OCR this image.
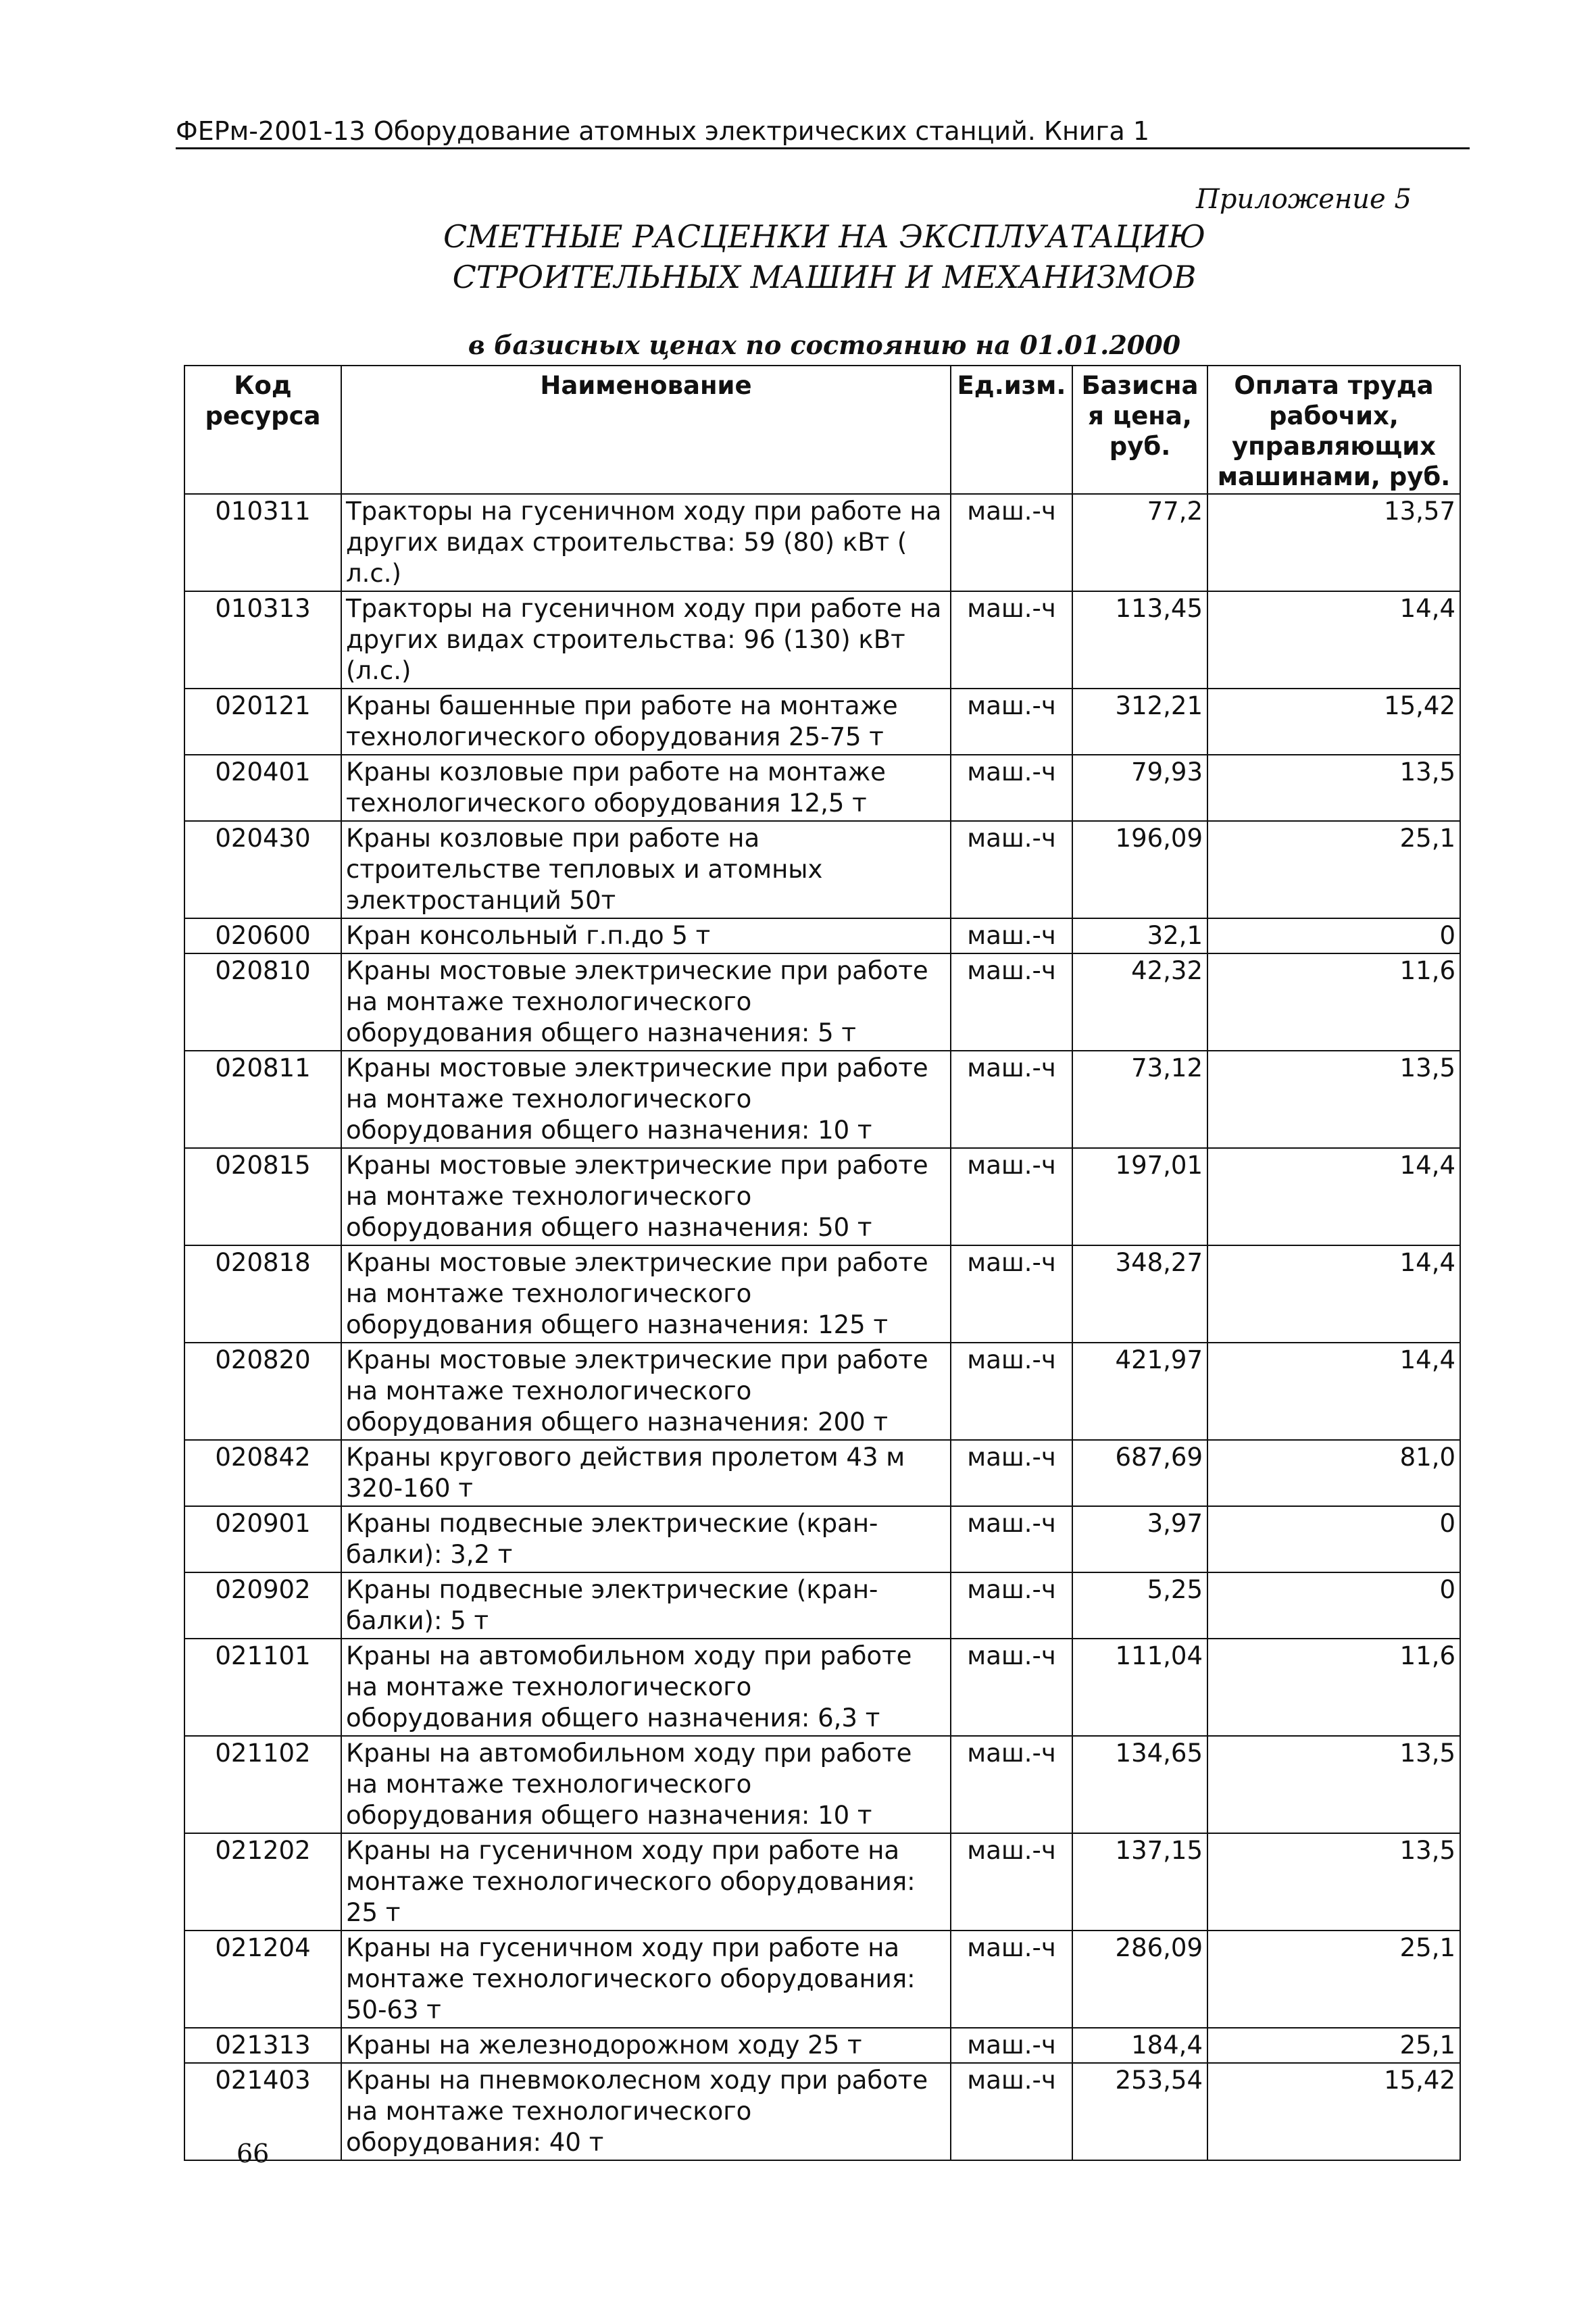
ФЕРм-2001-13 Оборудование атомных электрических станций. Книга 1
Приложение 5
СМЕТНЫЕ РАСЦЕНКИ НА ЭКСПЛУАТАЦИЮ
СТРОИТЕЛЬНЫХ МАШИН И МЕХАНИЗМОВ
в базисных ценах по состоянию на 01.01.2000
Код ресурса	Наименование	Ед.изм.	Базисна я цена, руб.	Оплата труда рабочих, управляющих машинами, руб.
010311	Тракторы на гусеничном ходу при работе на других видах строительства: 59 (80) кВт ( л.с.)	маш.-ч	77,2	13,57
010313	Тракторы на гусеничном ходу при работе на других видах строительства: 96 (130) кВт (л.с.)	маш.-ч	113,45	14,4
020121	Краны башенные при работе на монтаже технологического оборудования 25-75 т	маш.-ч	312,21	15,42
020401	Краны козловые при работе на монтаже технологического оборудования 12,5 т	маш.-ч	79,93	13,5
020430	Краны козловые при работе на строительстве тепловых и атомных электростанций 50т	маш.-ч	196,09	25,1
020600	Кран консольный г.п.до 5 т	маш.-ч	32,1	0
020810	Краны мостовые электрические при работе на монтаже технологического оборудования общего назначения: 5 т	маш.-ч	42,32	11,6
020811	Краны мостовые электрические при работе на монтаже технологического оборудования общего назначения: 10 т	маш.-ч	73,12	13,5
020815	Краны мостовые электрические при работе на монтаже технологического оборудования общего назначения: 50 т	маш.-ч	197,01	14,4
020818	Краны мостовые электрические при работе на монтаже технологического оборудования общего назначения: 125 т	маш.-ч	348,27	14,4
020820	Краны мостовые электрические при работе на монтаже технологического оборудования общего назначения: 200 т	маш.-ч	421,97	14,4
020842	Краны кругового действия пролетом 43 м 320-160 т	маш.-ч	687,69	81,0
020901	Краны подвесные электрические (кран-балки): 3,2 т	маш.-ч	3,97	0
020902	Краны подвесные электрические (кран-балки): 5 т	маш.-ч	5,25	0
021101	Краны на автомобильном ходу при работе на монтаже технологического оборудования общего назначения: 6,3 т	маш.-ч	111,04	11,6
021102	Краны на автомобильном ходу при работе на монтаже технологического оборудования общего назначения: 10 т	маш.-ч	134,65	13,5
021202	Краны на гусеничном ходу при работе на монтаже технологического оборудования: 25 т	маш.-ч	137,15	13,5
021204	Краны на гусеничном ходу при работе на монтаже технологического оборудования: 50-63 т	маш.-ч	286,09	25,1
021313	Краны на железнодорожном ходу 25 т	маш.-ч	184,4	25,1
021403	Краны на пневмоколесном ходу при работе на монтаже технологического оборудования: 40 т	маш.-ч	253,54	15,42
66
